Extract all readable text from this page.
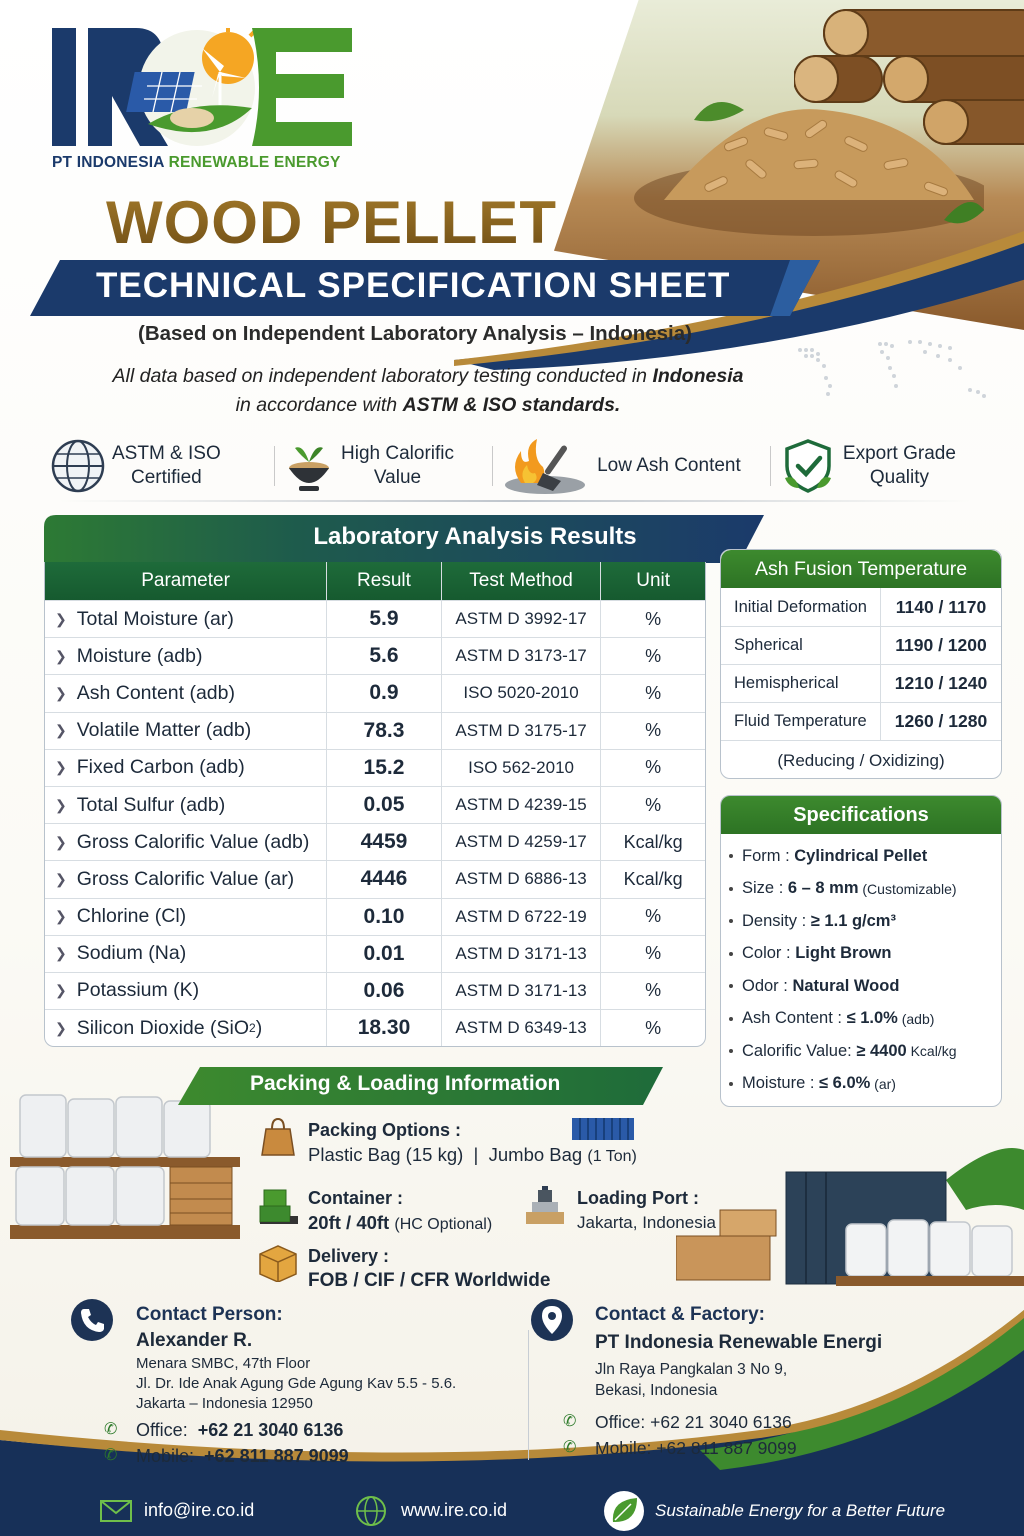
PT INDONESIA RENEWABLE ENERGY
WOOD PELLET
TECHNICAL SPECIFICATION SHEET
(Based on Independent Laboratory Analysis – Indonesia)
All data based on independent laboratory testing conducted in Indonesia
in accordance with ASTM & ISO standards.
ASTM & ISO
Certified
High Calorific
Value
Low Ash Content
Export Grade
Quality
Laboratory Analysis Results
Parameter	Result	Test Method	Unit
❯ Total Moisture (ar)	5.9	ASTM D 3992-17	%
❯ Moisture (adb)	5.6	ASTM D 3173-17	%
❯ Ash Content (adb)	0.9	ISO 5020-2010	%
❯ Volatile Matter (adb)	78.3	ASTM D 3175-17	%
❯ Fixed Carbon (adb)	15.2	ISO 562-2010	%
❯ Total Sulfur (adb)	0.05	ASTM D 4239-15	%
❯ Gross Calorific Value (adb)	4459	ASTM D 4259-17	Kcal/kg
❯ Gross Calorific Value (ar)	4446	ASTM D 6886-13	Kcal/kg
❯ Chlorine (Cl)	0.10	ASTM D 6722-19	%
❯ Sodium (Na)	0.01	ASTM D 3171-13	%
❯ Potassium (K)	0.06	ASTM D 3171-13	%
❯ Silicon Dioxide (SiO 2 )	18.30	ASTM D 6349-13	%
Ash Fusion Temperature
Initial Deformation	1140 / 1170
Spherical	1190 / 1200
Hemispherical	1210 / 1240
Fluid Temperature	1260 / 1280
(Reducing / Oxidizing)
Specifications
Form : Cylindrical Pellet
Size : 6 – 8 mm (Customizable)
Density : ≥ 1.1 g/cm³
Color : Light Brown
Odor : Natural Wood
Ash Content : ≤ 1.0% (adb)
Calorific Value : ≥ 4400 Kcal/kg
Moisture : ≤ 6.0% (ar)
Packing & Loading Information
Packing Options :
Plastic Bag (15 kg) | Jumbo Bag (1 Ton)
Container :
20ft / 40ft (HC Optional)
Loading Port :
Jakarta, Indonesia
Delivery :
FOB / CIF / CFR Worldwide
Contact Person:
Alexander R.
Menara SMBC, 47th Floor
Jl. Dr. Ide Anak Agung Gde Agung Kav 5.5 - 5.6.
Jakarta – Indonesia 12950
✆	Office:
+62 21 3040 6136
✆	Mobile:
+62 811 887 9099
Contact & Factory:
PT Indonesia Renewable Energi
Jln Raya Pangkalan 3 No 9,
Bekasi, Indonesia
✆	Office:
+62 21 3040 6136
✆	Mobile:
+62 811 887 9099
info@ire.co.id	www.ire.co.id	Sustainable Energy for a Better Future
